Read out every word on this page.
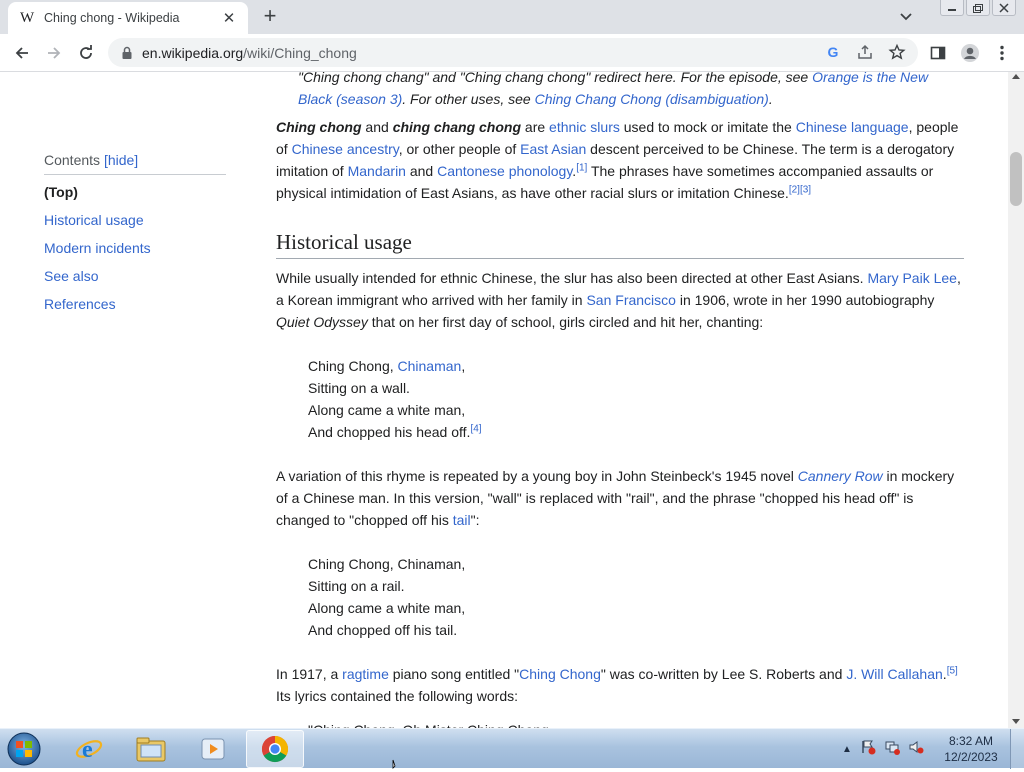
W Ching chong - Wikipedia	✕ +
en.wikipedia.org/wiki/Ching_chong	G
Contents [hide]
(Top)
Historical usage
Modern incidents
See also
References
"Ching chong chang" and "Ching chang chong" redirect here. For the episode, see Orange is the New Black (season 3). For other uses, see Ching Chang Chong (disambiguation).

Ching chong and ching chang chong are ethnic slurs used to mock or imitate the Chinese language, people of Chinese ancestry, or other people of East Asian descent perceived to be Chinese. The term is a derogatory imitation of Mandarin and Cantonese phonology.[1] The phrases have sometimes accompanied assaults or physical intimidation of East Asians, as have other racial slurs or imitation Chinese.[2][3]

Historical usage

While usually intended for ethnic Chinese, the slur has also been directed at other East Asians. Mary Paik Lee, a Korean immigrant who arrived with her family in San Francisco in 1906, wrote in her 1990 autobiography Quiet Odyssey that on her first day of school, girls circled and hit her, chanting:

Ching Chong, Chinaman,
Sitting on a wall.
Along came a white man,
And chopped his head off.[4]

A variation of this rhyme is repeated by a young boy in John Steinbeck's 1945 novel Cannery Row in mockery of a Chinese man. In this version, "wall" is replaced with "rail", and the phrase "chopped his head off" is changed to "chopped off his tail":

Ching Chong, Chinaman,
Sitting on a rail.
Along came a white man,
And chopped off his tail.

In 1917, a ragtime piano song entitled "Ching Chong" was co-written by Lee S. Roberts and J. Will Callahan.[5] Its lyrics contained the following words:

e	▲
8:32 AM
12/2/2023
